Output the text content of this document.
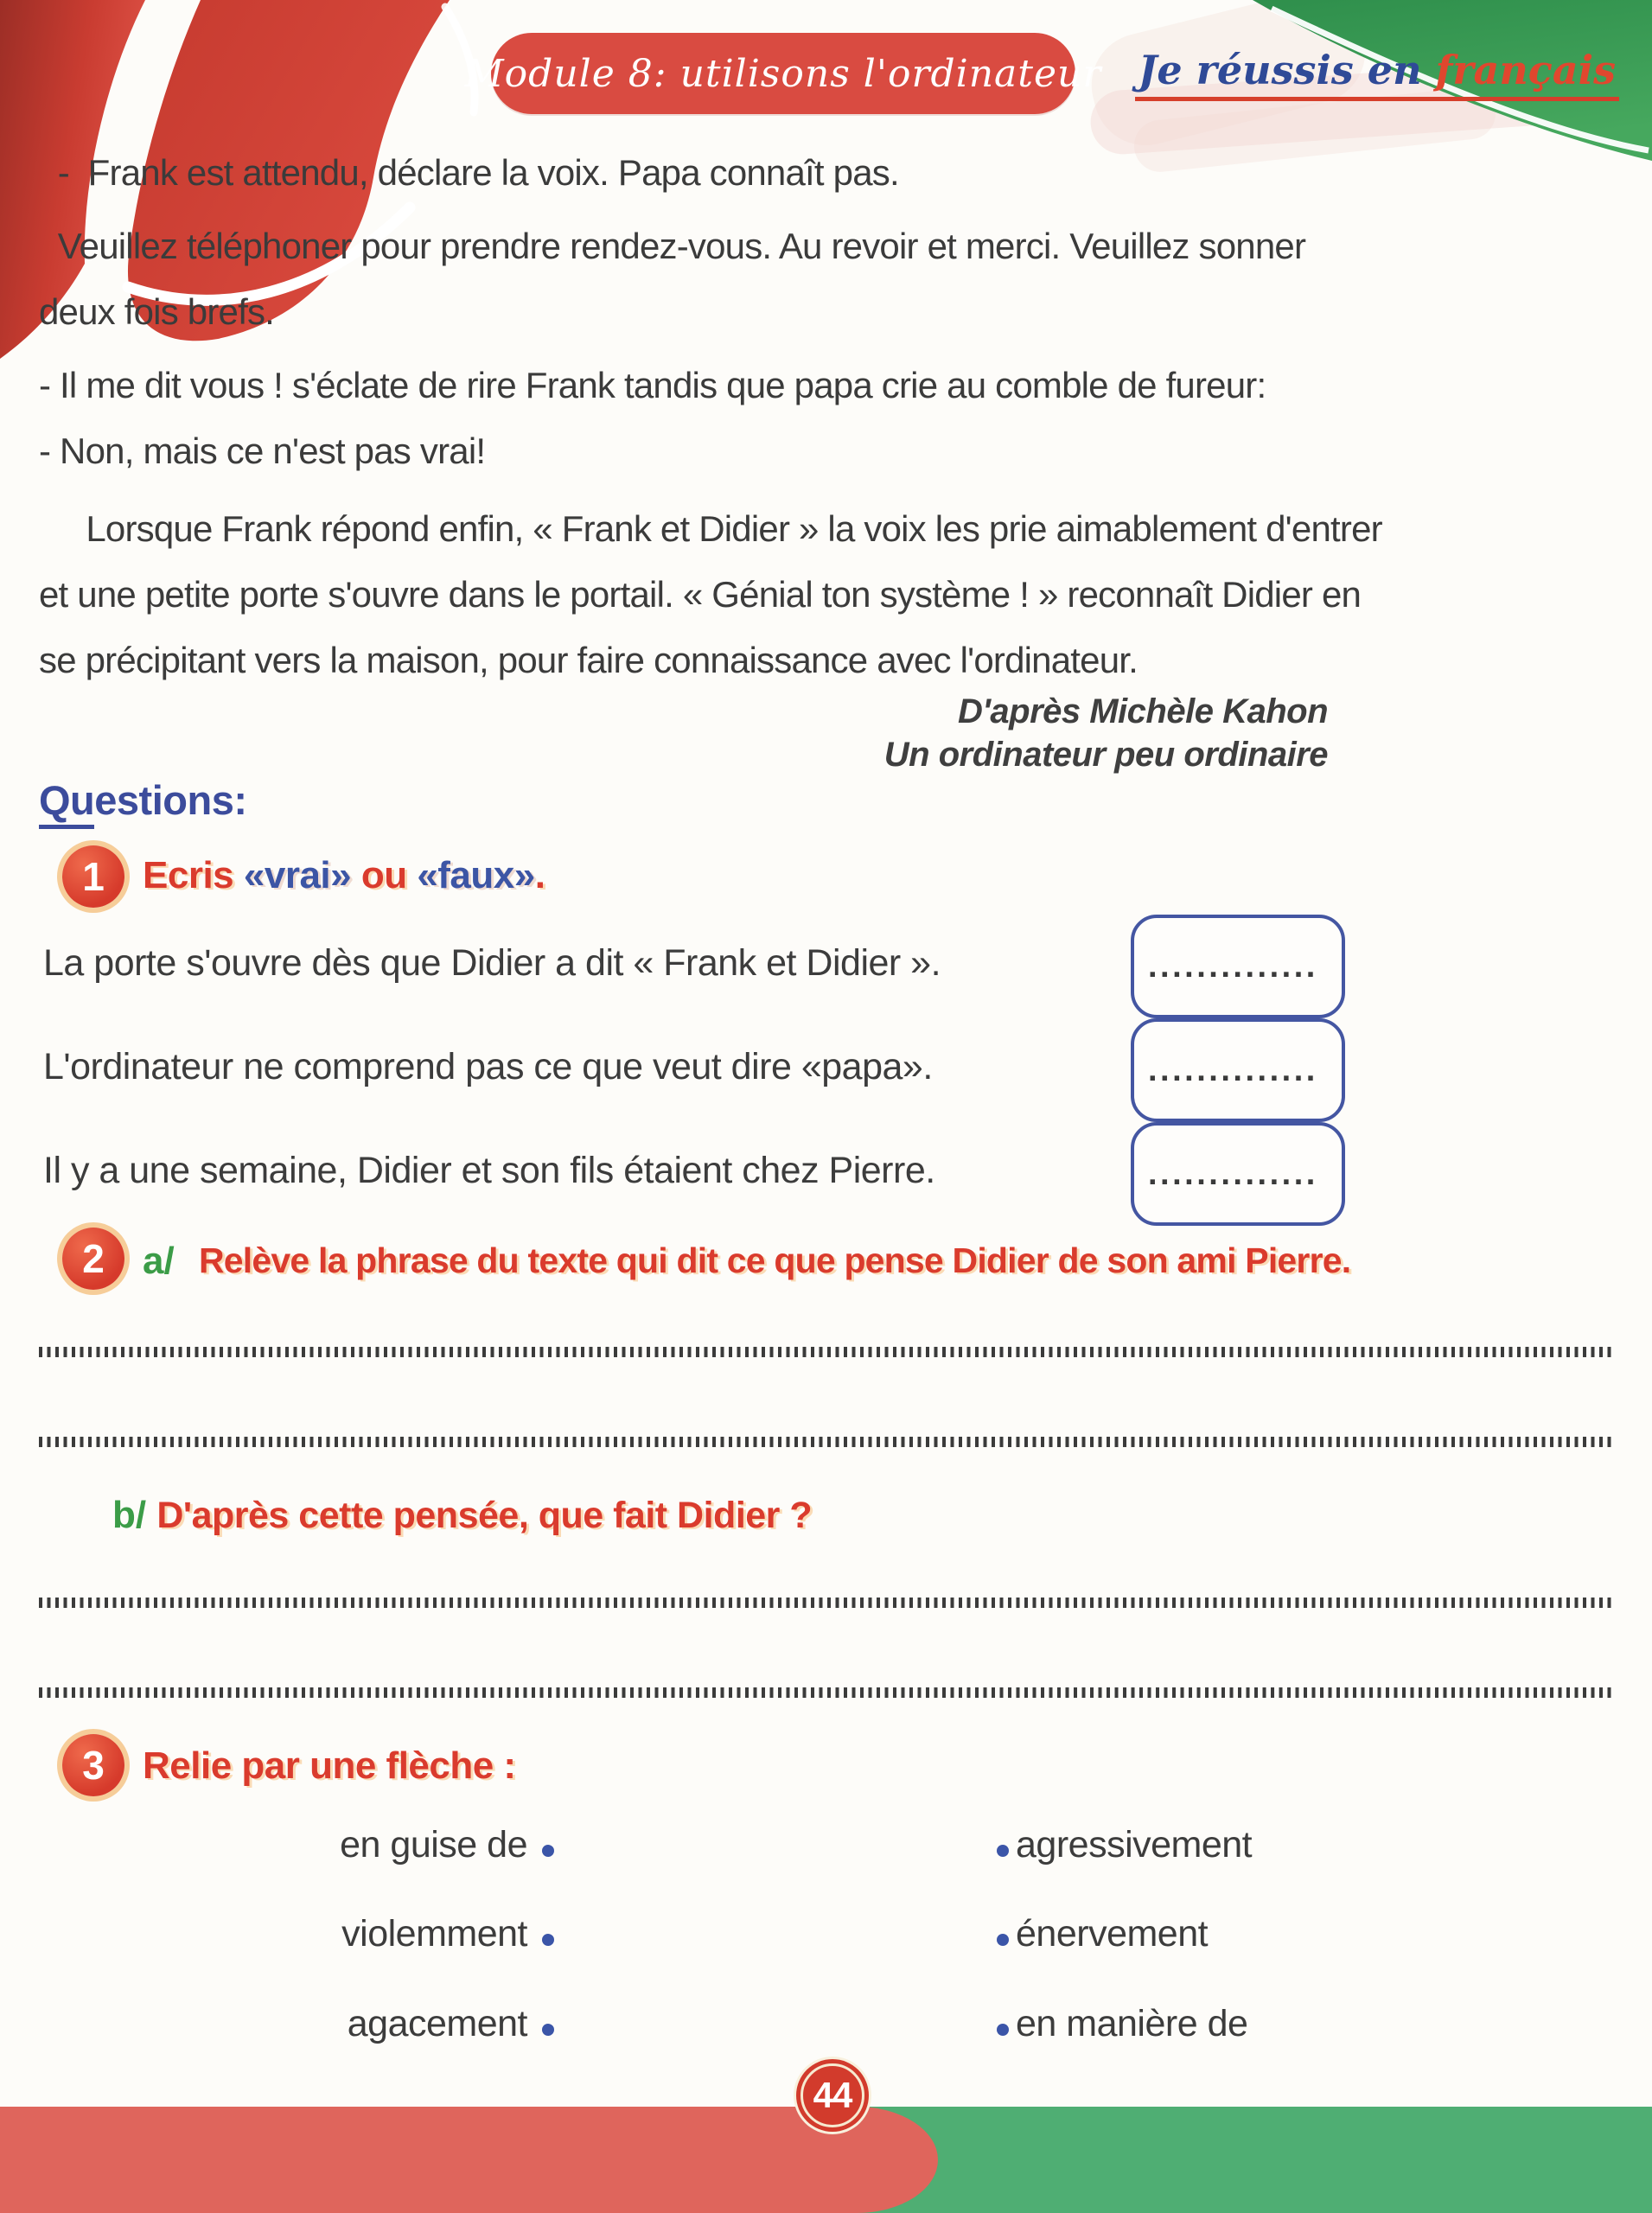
Module 8: utilisons l'ordinateur Je réussis en français
-  Frank est attendu, déclare la voix. Papa connaît pas.
Veuillez téléphoner pour prendre rendez-vous. Au revoir et merci. Veuillez sonner
deux fois brefs.
- Il me dit vous ! s'éclate de rire Frank tandis que papa crie au comble de fureur:
- Non, mais ce n'est pas vrai!
Lorsque Frank répond enfin, « Frank et Didier » la voix les prie aimablement d'entrer
et une petite porte s'ouvre dans le portail. « Génial ton système ! » reconnaît Didier en
se précipitant vers la maison, pour faire connaissance avec l'ordinateur.
D'après Michèle Kahon
Un ordinateur peu ordinaire
Questions:
1	Ecris «vrai» ou «faux».
La porte s'ouvre dès que Didier a dit « Frank et Didier ».	..............
L'ordinateur ne comprend pas ce que veut dire «papa».	..............
Il y a une semaine, Didier et son fils étaient chez Pierre.	..............
2	a/ Relève la phrase du texte qui dit ce que pense Didier de son ami Pierre.
b/ D'après cette pensée, que fait Didier ?
3	Relie par une flèche :
en guise de	agressivement
violemment	énervement
agacement	en manière de
44
